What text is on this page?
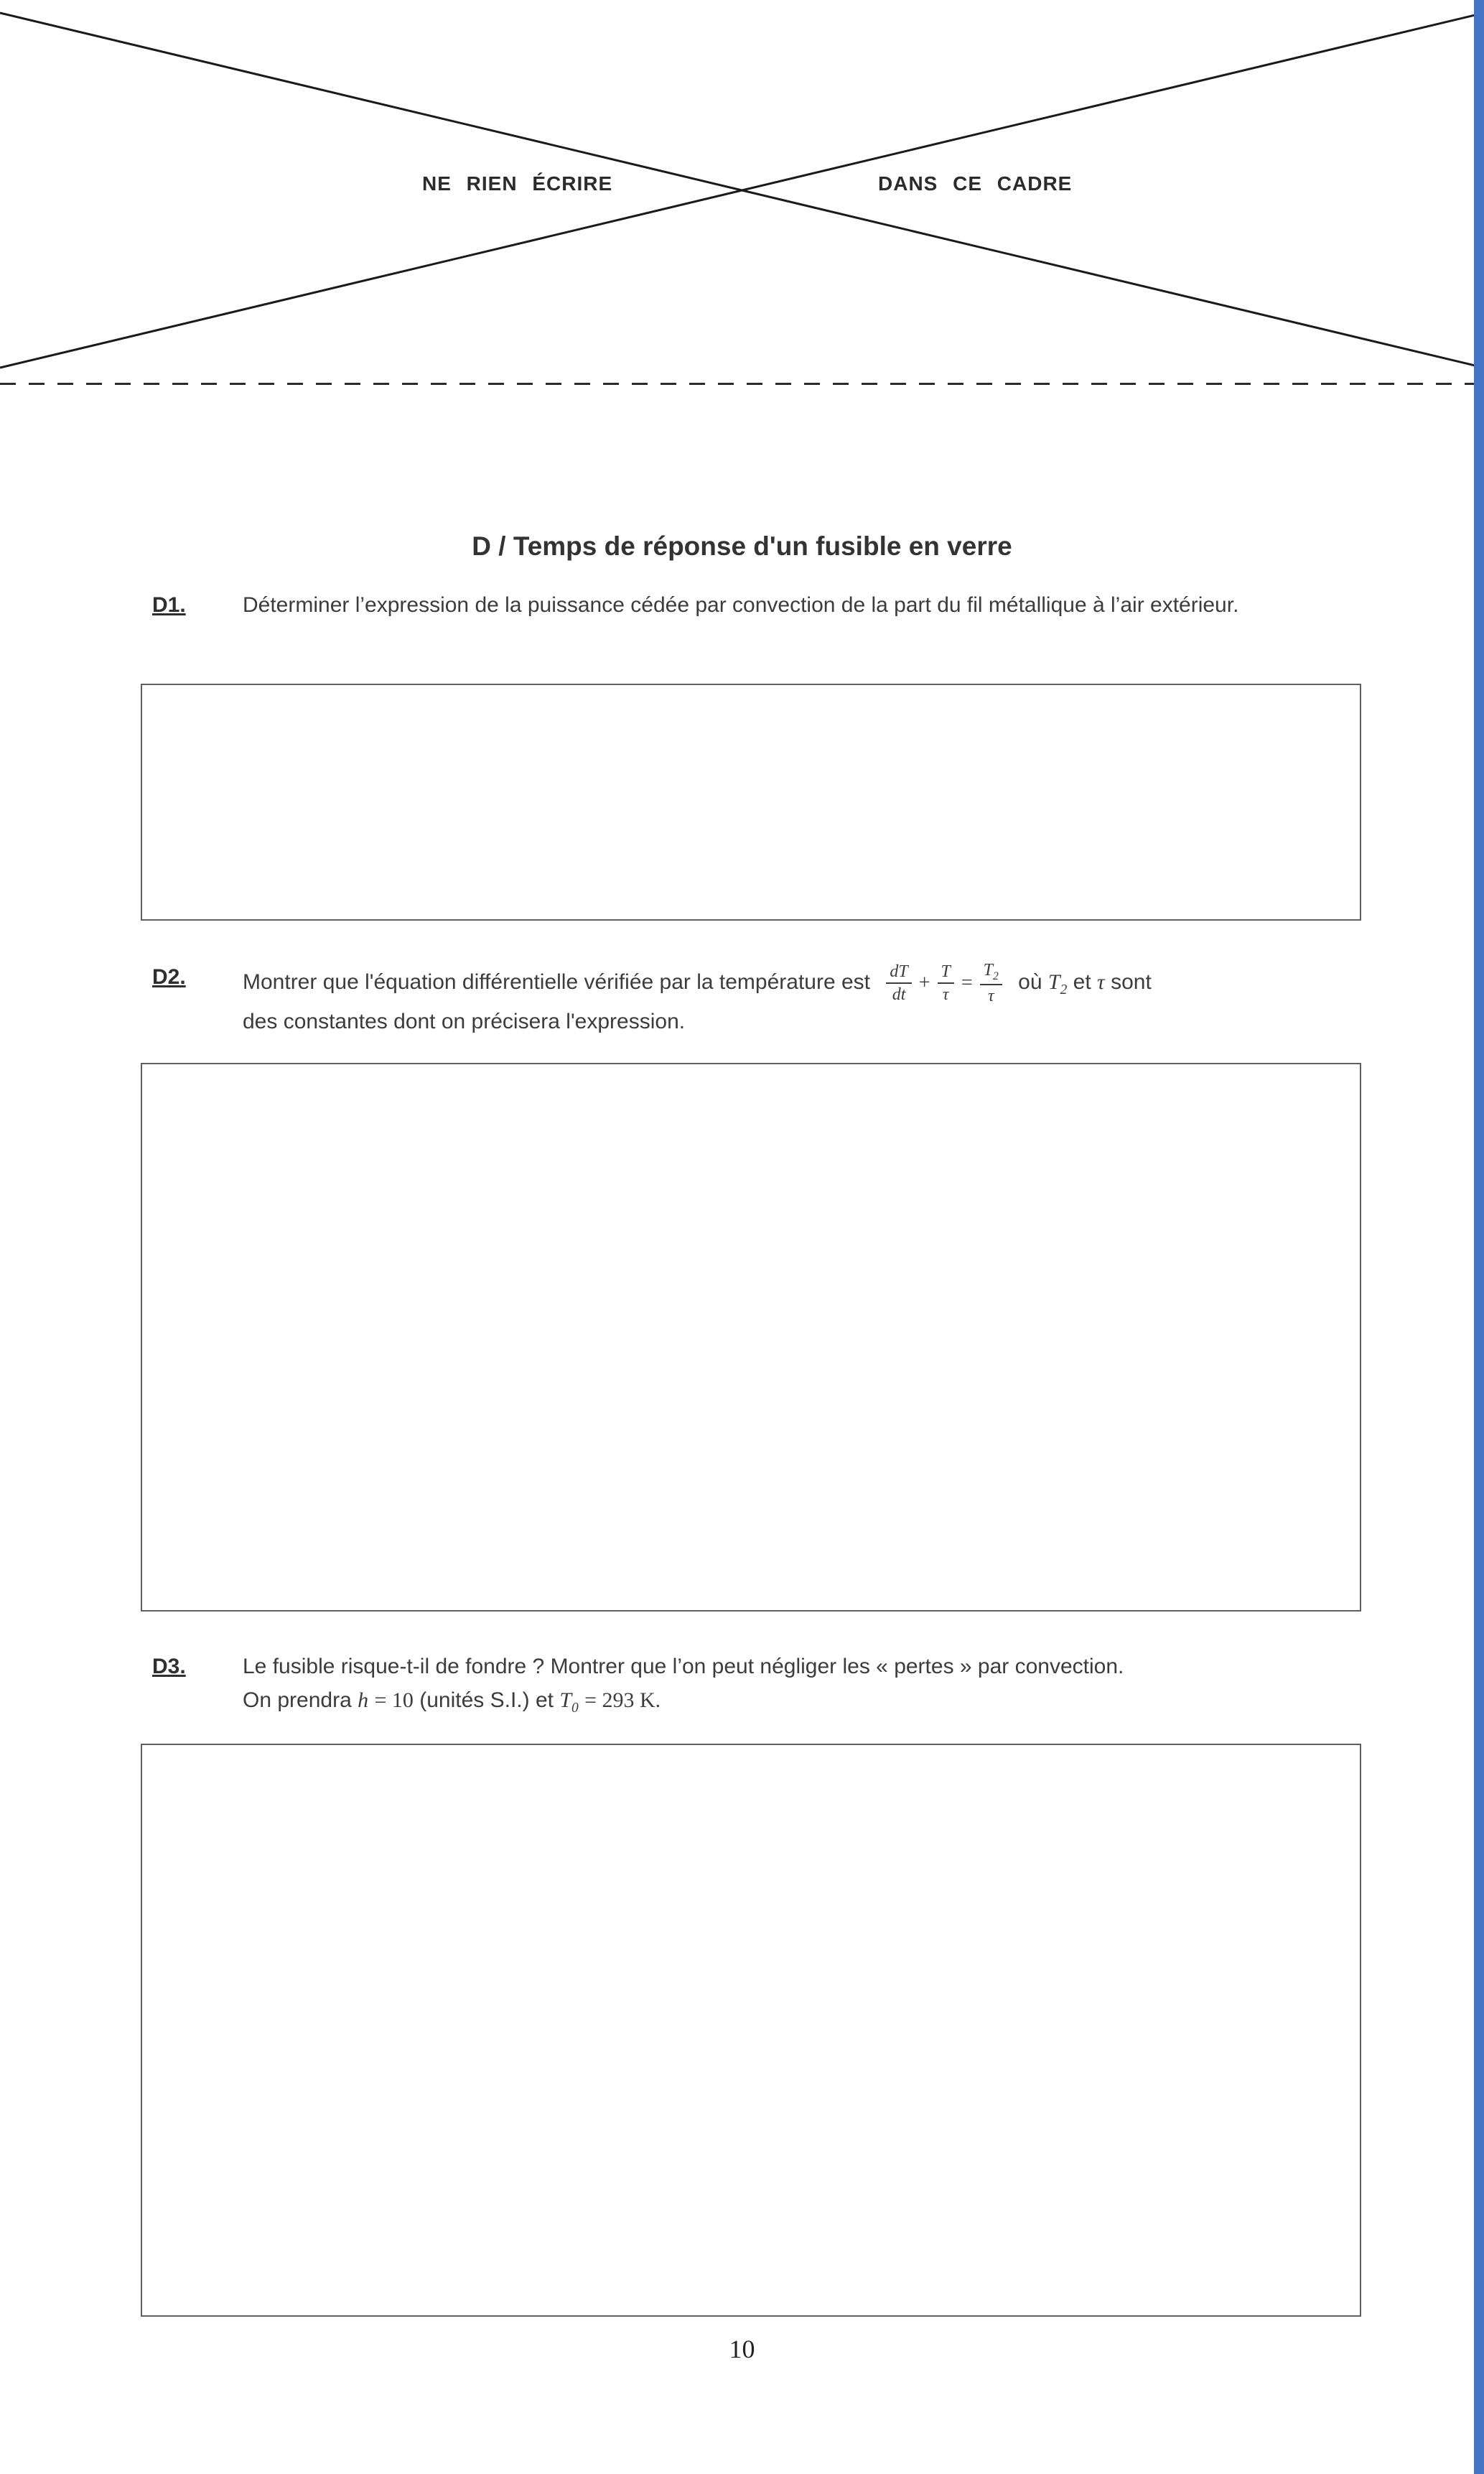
NE RIEN ÉCRIRE	DANS CE CADRE
D / Temps de réponse d'un fusible en verre
D1.	Déterminer l’expression de la puissance cédée par convection de la part du fil métallique à l’air extérieur.
D2.	Montrer que l'équation différentielle vérifiée par la température est $\frac{dT}{dt} + \frac{T}{\tau} = \frac{T_2}{\tau}$ où $T_2$ et τ sont
des constantes dont on précisera l'expression.
D3.	Le fusible risque-t-il de fondre ? Montrer que l’on peut négliger les « pertes » par convection.
On prendra h = 10 (unités S.I.) et $T_0 = 293$ K.
10
